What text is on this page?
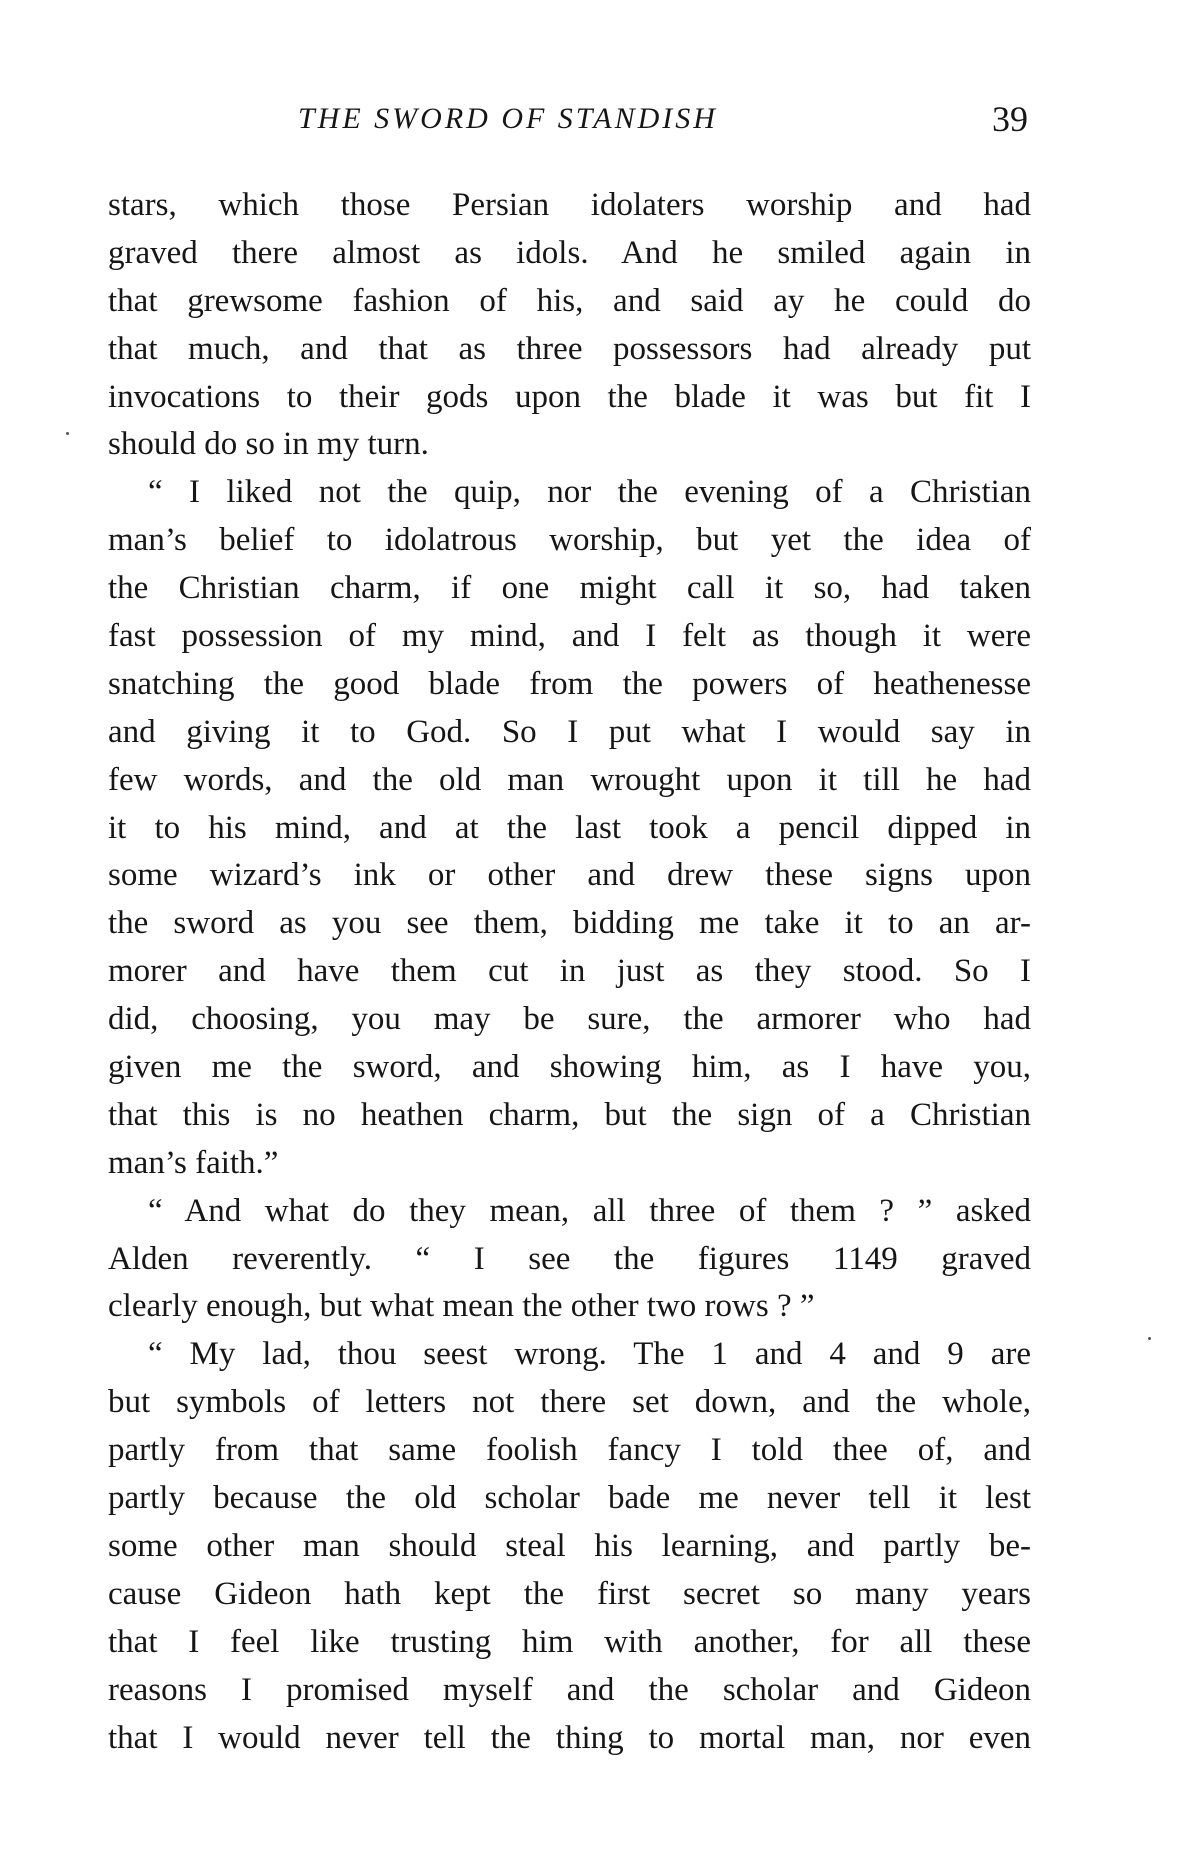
THE SWORD OF STANDISH	39
stars, which those Persian idolaters worship and had
graved there almost as idols. And he smiled again in
that grewsome fashion of his, and said ay he could do
that much, and that as three possessors had already put
invocations to their gods upon the blade it was but fit I
should do so in my turn.
“ I liked not the quip, nor the evening of a Christian
man’s belief to idolatrous worship, but yet the idea of
the Christian charm, if one might call it so, had taken
fast possession of my mind, and I felt as though it were
snatching the good blade from the powers of heathenesse
and giving it to God. So I put what I would say in
few words, and the old man wrought upon it till he had
it to his mind, and at the last took a pencil dipped in
some wizard’s ink or other and drew these signs upon
the sword as you see them, bidding me take it to an ar-
morer and have them cut in just as they stood. So I
did, choosing, you may be sure, the armorer who had
given me the sword, and showing him, as I have you,
that this is no heathen charm, but the sign of a Christian
man’s faith.”
“ And what do they mean, all three of them ? ” asked
Alden reverently. “ I see the figures 1149 graved
clearly enough, but what mean the other two rows ? ”
“ My lad, thou seest wrong. The 1 and 4 and 9 are
but symbols of letters not there set down, and the whole,
partly from that same foolish fancy I told thee of, and
partly because the old scholar bade me never tell it lest
some other man should steal his learning, and partly be-
cause Gideon hath kept the first secret so many years
that I feel like trusting him with another, for all these
reasons I promised myself and the scholar and Gideon
that I would never tell the thing to mortal man, nor even
